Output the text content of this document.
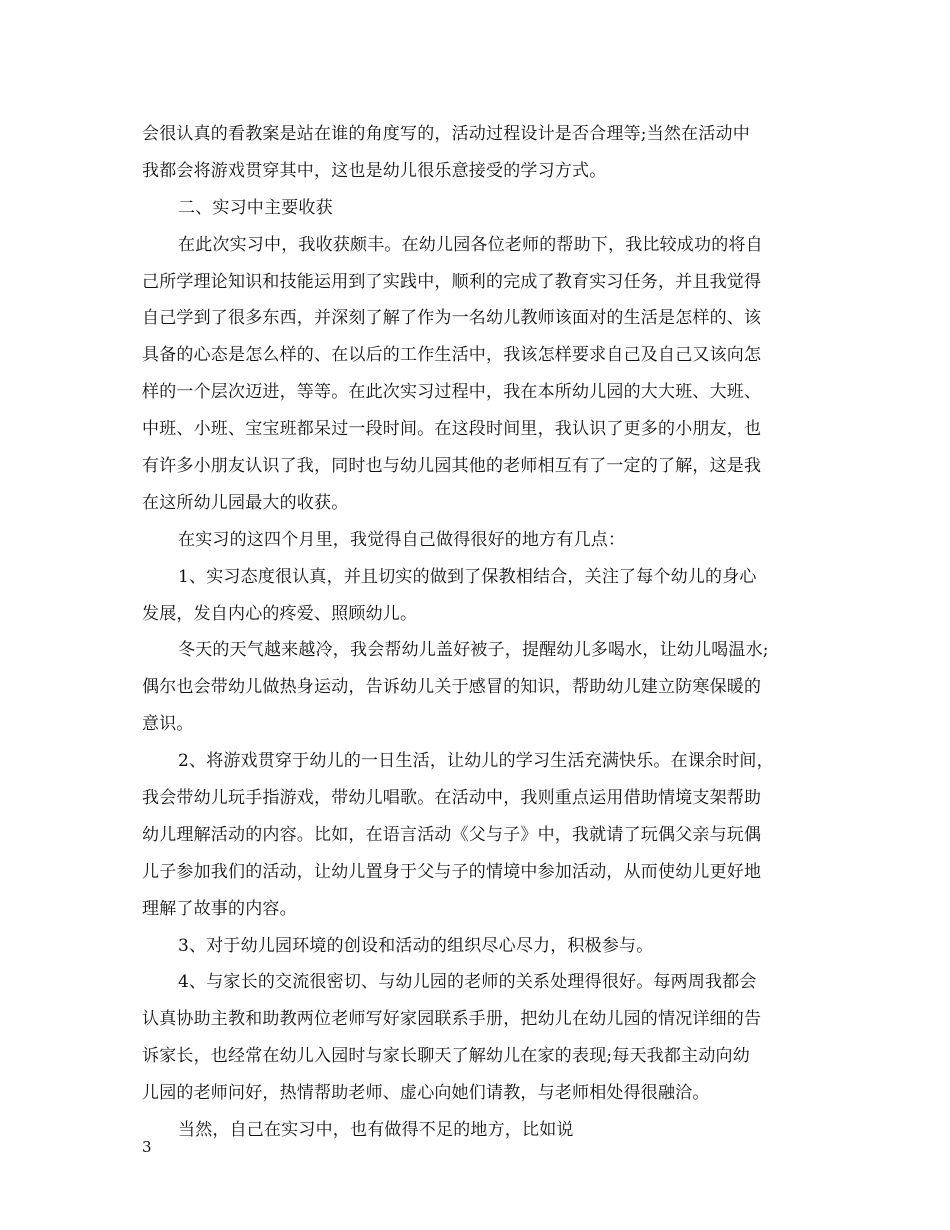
会很认真的看教案是站在谁的角度写的，活动过程设计是否合理等;当然在活动中
我都会将游戏贯穿其中，这也是幼儿很乐意接受的学习方式。
二、实习中主要收获
在此次实习中，我收获颇丰。在幼儿园各位老师的帮助下，我比较成功的将自
己所学理论知识和技能运用到了实践中，顺利的完成了教育实习任务，并且我觉得
自己学到了很多东西，并深刻了解了作为一名幼儿教师该面对的生活是怎样的、该
具备的心态是怎么样的、在以后的工作生活中，我该怎样要求自己及自己又该向怎
样的一个层次迈进，等等。在此次实习过程中，我在本所幼儿园的大大班、大班、
中班、小班、宝宝班都呆过一段时间。在这段时间里，我认识了更多的小朋友，也
有许多小朋友认识了我，同时也与幼儿园其他的老师相互有了一定的了解，这是我
在这所幼儿园最大的收获。
在实习的这四个月里，我觉得自己做得很好的地方有几点：
1、实习态度很认真，并且切实的做到了保教相结合，关注了每个幼儿的身心
发展，发自内心的疼爱、照顾幼儿。
冬天的天气越来越冷，我会帮幼儿盖好被子，提醒幼儿多喝水，让幼儿喝温水;
偶尔也会带幼儿做热身运动，告诉幼儿关于感冒的知识，帮助幼儿建立防寒保暖的
意识。
2、将游戏贯穿于幼儿的一日生活，让幼儿的学习生活充满快乐。在课余时间，
我会带幼儿玩手指游戏，带幼儿唱歌。在活动中，我则重点运用借助情境支架帮助
幼儿理解活动的内容。比如，在语言活动《父与子》中，我就请了玩偶父亲与玩偶
儿子参加我们的活动，让幼儿置身于父与子的情境中参加活动，从而使幼儿更好地
理解了故事的内容。
3、对于幼儿园环境的创设和活动的组织尽心尽力，积极参与。
4、与家长的交流很密切、与幼儿园的老师的关系处理得很好。每两周我都会
认真协助主教和助教两位老师写好家园联系手册，把幼儿在幼儿园的情况详细的告
诉家长，也经常在幼儿入园时与家长聊天了解幼儿在家的表现;每天我都主动向幼
儿园的老师问好，热情帮助老师、虚心向她们请教，与老师相处得很融洽。
当然，自己在实习中，也有做得不足的地方，比如说
3
